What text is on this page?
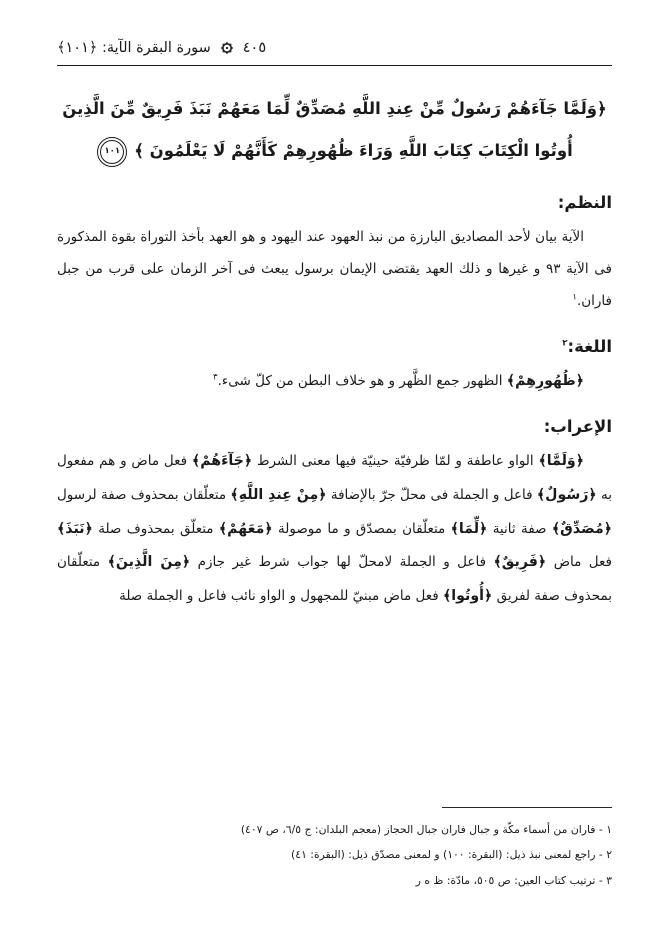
سورة البقرة الآية: ﴿١٠١﴾ ٤٠٥
﴿وَلَمَّا جَآءَهُمْ رَسُولٌ مِّنْ عِندِ اللَّهِ مُصَدِّقٌ لِّمَا مَعَهُمْ نَبَذَ فَرِيقٌ مِّنَ الَّذِينَ أُوتُوا الْكِتَابَ كِتَابَ اللَّهِ وَرَاءَ ظُهُورِهِمْ كَأَنَّهُمْ لَا يَعْلَمُونَ ﴾
١٠١
النظم:

الآية بيان لأحد المصاديق البارزة من نبذ العهود عند اليهود و هو العهد بأخذ التوراة بقوة المذكورة فى الآية ٩٣ و غيرها و ذلك العهد يقتضى الإيمان برسول يبعث فى آخر الزمان على قرب من جبل فاران.$^١$

اللغة:$^٢$

﴿ظُهُورِهِمْ﴾ الظهور جمع الظَّهر و هو خلاف البطن من كلّ شىء.$^٣$

الإعراب:

﴿وَلَمَّا﴾ الواو عاطفة و لمّا ظرفيّة حينيّة فيها معنى الشرط ﴿جَآءَهُمْ﴾ فعل ماض و هم مفعول به ﴿رَسُولٌ﴾ فاعل و الجملة فى محلّ جرّ بالإضافة ﴿مِنْ عِندِ اللَّهِ﴾ متعلّقان بمحذوف صفة لرسول ﴿مُصَدِّقٌ﴾ صفة ثانية ﴿لِّمَا﴾ متعلّقان بمصدّق و ما موصولة ﴿مَعَهُمْ﴾ متعلّق بمحذوف صلة ﴿نَبَذَ﴾ فعل ماض ﴿فَرِيقٌ﴾ فاعل و الجملة لامحلّ لها جواب شرط غير جازم ﴿مِنَ الَّذِينَ﴾ متعلّقان بمحذوف صفة لفريق ﴿أُوتُوا﴾ فعل ماض مبنيّ للمجهول و الواو نائب فاعل و الجملة صلة

١ - فاران من أسماء مكّة و جبال فاران جبال الحجاز (معجم البلدان: ج ٦/٥، ص ٤٠٧)
٢ - راجع لمعنى نبذ ذيل: (البقرة: ١٠٠) و لمعنى مصدّق ذيل: (البقرة: ٤١)
٣ - ترتيب كتاب العين: ص ٥٠٥، مادّة: ظ ه ر
